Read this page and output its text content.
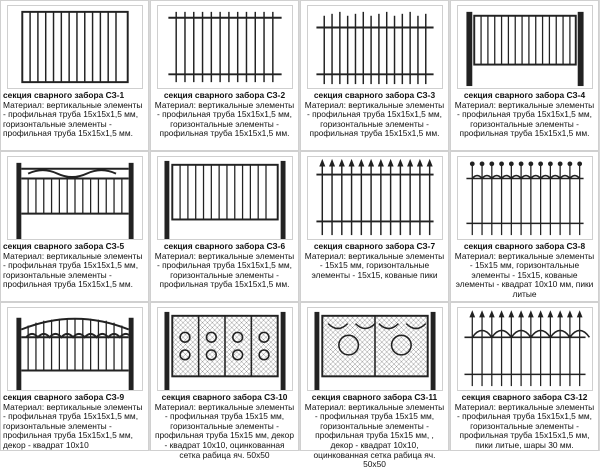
секция сварного забора СЗ-1
Материал: вертикальные элементы - профильная труба 15х15х1,5 мм, горизонтальные элементы - профильная труба 15х15х1,5 мм.
секция сварного забора СЗ-2
Материал: вертикальные элементы - профильная труба 15х15х1,5 мм, горизонтальные элементы - профильная труба 15х15х1,5 мм.
секция сварного забора СЗ-3
Материал: вертикальные элементы - профильная труба 15х15х1,5 мм, горизонтальные элементы - профильная труба 15х15х1,5 мм.
секция сварного забора СЗ-4
Материал: вертикальные элементы - профильная труба 15х15х1,5 мм, горизонтальные элементы - профильная труба 15х15х1,5 мм.
секция сварного забора СЗ-5
Материал: вертикальные элементы - профильная труба 15х15х1,5 мм, горизонтальные элементы - профильная труба 15х15х1,5 мм.
секция сварного забора СЗ-6
Материал: вертикальные элементы - профильная труба 15х15х1,5 мм, горизонтальные элементы - профильная труба 15х15х1,5 мм.
секция сварного забора СЗ-7
Материал: вертикальные элементы - 15х15 мм, горизонтальные элементы - 15х15, кованые пики
секция сварного забора СЗ-8
Материал: вертикальные элементы - 15х15 мм, горизонтальные элементы - 15х15, кованые элементы - квадрат 10х10 мм, пики литые
секция сварного забора СЗ-9
Материал: вертикальные элементы - профильная труба 15х15х1,5 мм, горизонтальные элементы - профильная труба 15х15х1,5 мм, декор - квадрат 10х10
секция сварного забора СЗ-10
Материал: вертикальные элементы - профильная труба 15х15 мм, горизонтальные элементы - профильная труба 15х15 мм, декор - квадрат 10х10, оцинкованная сетка рабица яч. 50х50
секция сварного забора СЗ-11
Материал: вертикальные элементы - профильная труба 15х15 мм, горизонтальные элементы - профильная труба 15х15 мм, , декор - квадрат 10х10, оцинкованная сетка рабица яч. 50х50
секция сварного забора СЗ-12
Материал: вертикальные элементы - профильная труба 15х15х1,5 мм, горизонтальные элементы - профильная труба 15х15х1,5 мм, пики литые, шары 30 мм.
